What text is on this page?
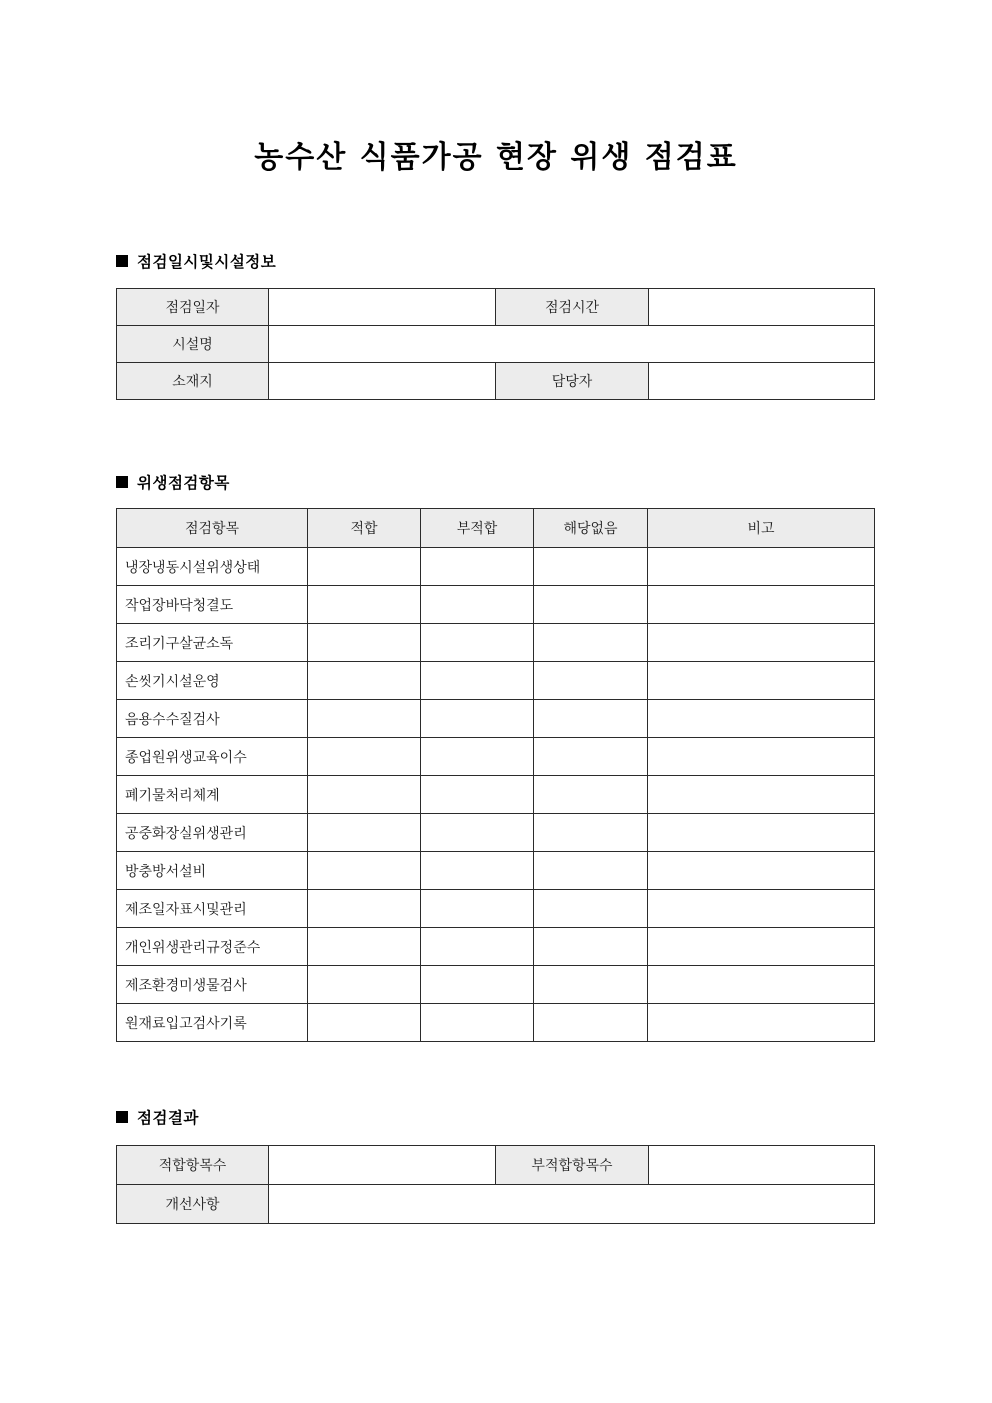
농수산 식품가공 현장 위생 점검표
점검일시및시설정보
점검일자		점검시간	
시설명			
소재지		담당자	
위생점검항목
점검항목	적합	부적합	해당없음	비고
냉장냉동시설위생상태				
작업장바닥청결도				
조리기구살균소독				
손씻기시설운영				
음용수수질검사				
종업원위생교육이수				
폐기물처리체계				
공중화장실위생관리				
방충방서설비				
제조일자표시및관리				
개인위생관리규정준수				
제조환경미생물검사				
원재료입고검사기록				
점검결과
적합항목수		부적합항목수	
개선사항			
